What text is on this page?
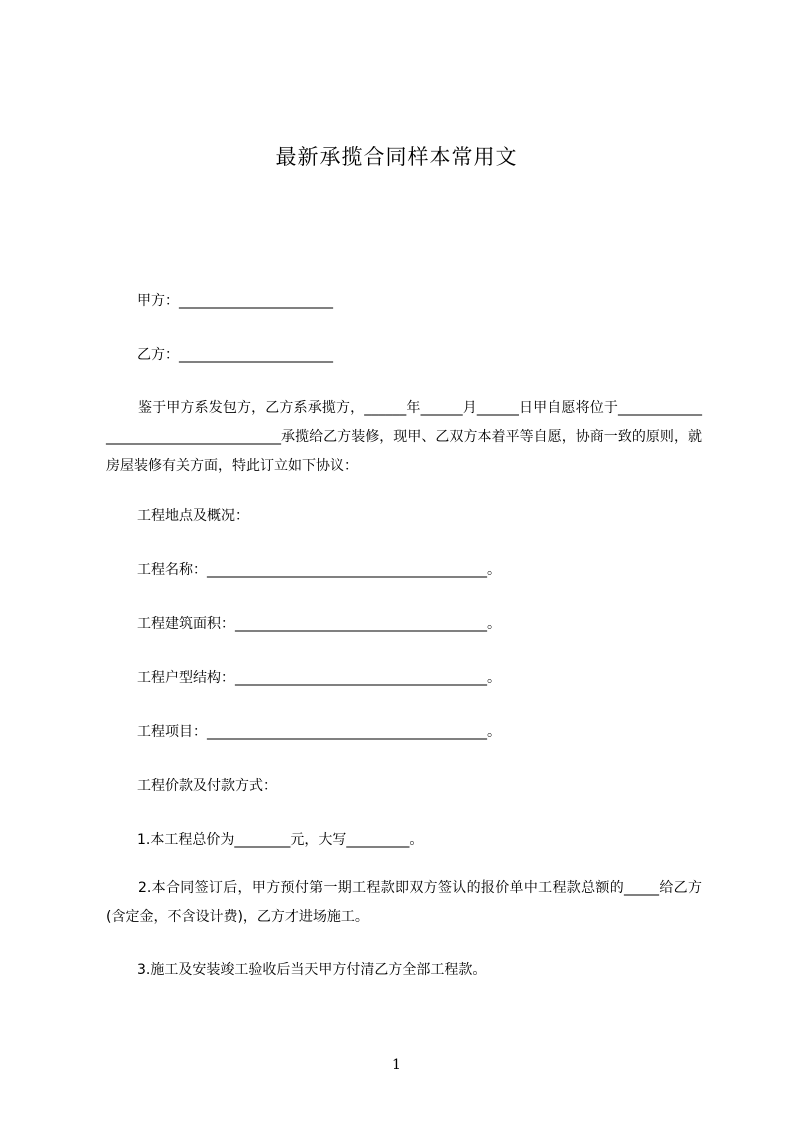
最新承揽合同样本常用文
甲方：______________________
乙方：______________________
鉴于甲方系发包方，乙方系承揽方，______年______月______日甲自愿将位于_____________________________________承揽给乙方装修，现甲、乙双方本着平等自愿，协商一致的原则，就房屋装修有关方面，特此订立如下协议：
工程地点及概况：
工程名称：________________________________________。
工程建筑面积：____________________________________。
工程户型结构：____________________________________。
工程项目：________________________________________。
工程价款及付款方式：
1.本工程总价为________元，大写_________。
2.本合同签订后，甲方预付第一期工程款即双方签认的报价单中工程款总额的_____给乙方(含定金，不含设计费)，乙方才进场施工。
3.施工及安装竣工验收后当天甲方付清乙方全部工程款。
1
